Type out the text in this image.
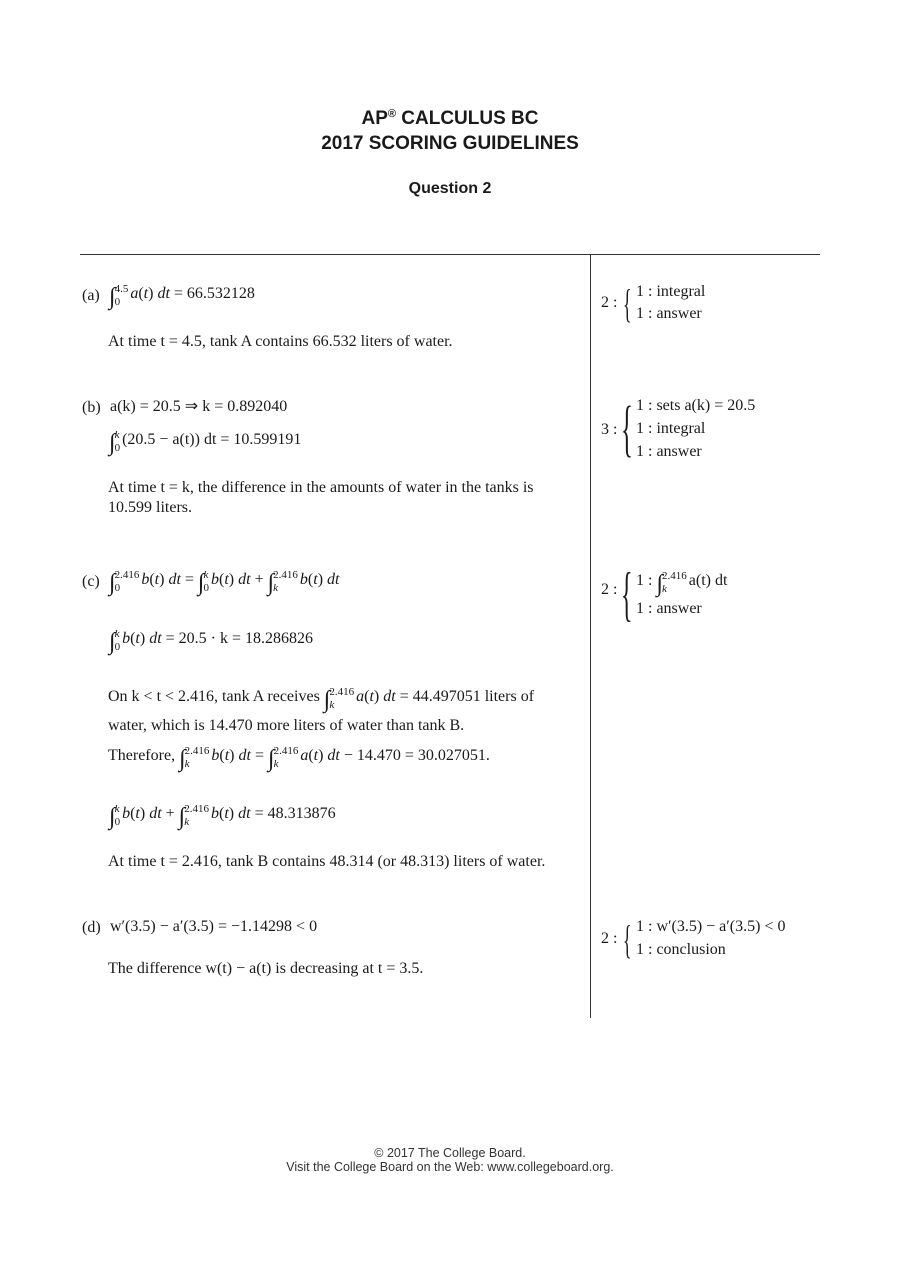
AP® CALCULUS BC
2017 SCORING GUIDELINES
Question 2
(a) ∫ 4.5
0 a(t) dt = 66.532128
At time t = 4.5, tank A contains 66.532 liters of water.
2 : { 1 : integral
1 : answer
(b) a(k) = 20.5 ⇒ k = 0.892040
∫ k
0 (20.5 − a(t)) dt = 10.599191
At time t = k, the difference in the amounts of water in the tanks is
10.599 liters.
3 : { 1 : sets a(k) = 20.5
1 : integral
1 : answer
(c) ∫ 2.416
0	b(t) dt = ∫ k
0 b(t) dt + ∫ 2.416
k	b(t) dt
∫ k
0 b(t) dt = 20.5 · k = 18.286826
On k < t < 2.416, tank A receives ∫ 2.416
k	a(t) dt = 44.497051 liters of
water, which is 14.470 more liters of water than tank B.
Therefore, ∫ 2.416
k	b(t) dt = ∫ 2.416
k	a(t) dt − 14.470 = 30.027051.
∫ k
0 b(t) dt + ∫ 2.416
k	b(t) dt = 48.313876
At time t = 2.416, tank B contains 48.314 (or 48.313) liters of water.
2 : { 1 : ∫ 2.416
k	a(t) dt
1 : answer
(d) w′(3.5) − a′(3.5) = −1.14298 < 0
The difference w(t) − a(t) is decreasing at t = 3.5.
2 : { 1 : w′(3.5) − a′(3.5) < 0
1 : conclusion
© 2017 The College Board.
Visit the College Board on the Web: www.collegeboard.org.
